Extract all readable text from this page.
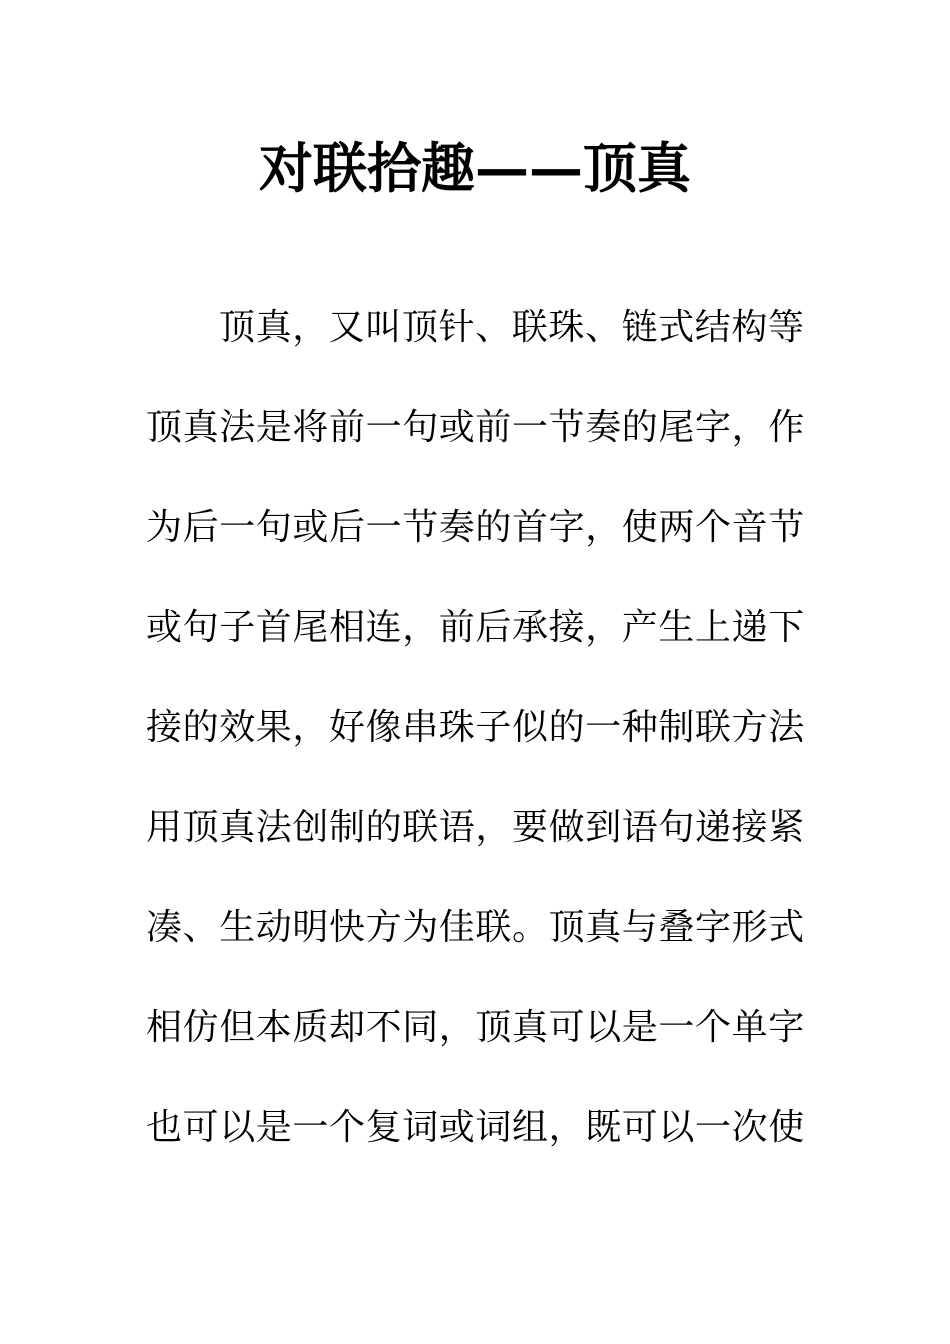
对联拾趣——顶真
顶真，又叫顶针、联珠、链式结构等
顶真法是将前一句或前一节奏的尾字，作
为后一句或后一节奏的首字，使两个音节
或句子首尾相连，前后承接，产生上递下
接的效果，好像串珠子似的一种制联方法
用顶真法创制的联语，要做到语句递接紧
凑、生动明快方为佳联。顶真与叠字形式
相仿但本质却不同，顶真可以是一个单字
也可以是一个复词或词组，既可以一次使
